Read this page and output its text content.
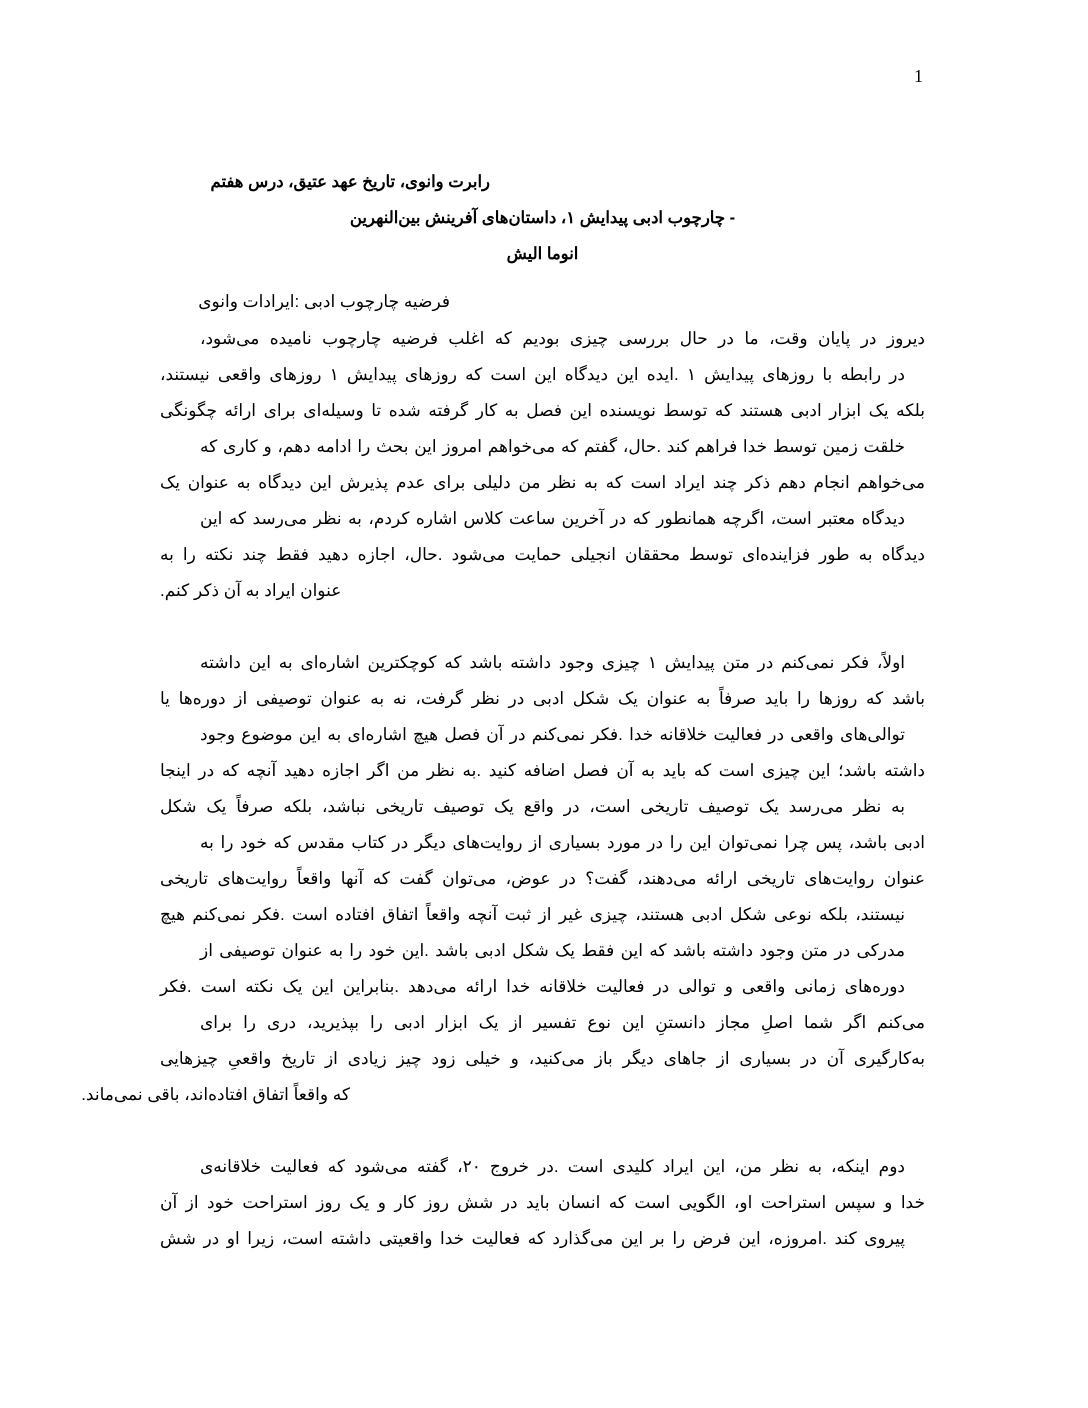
1
رابرت وانوی، تاریخ عهد عتیق، درس هفتم
- چارچوب ادبی پیدایش ۱، داستان‌های آفرینش بین‌النهرین
انوما الیش
فرضیه چارچوب ادبی :ایرادات وانوی
دیروز در پایان وقت، ما در حال بررسی چیزی بودیم که اغلب فرضیه چارچوب نامیده می‌شود،
در رابطه با روزهای پیدایش ۱ .ایده این دیدگاه این است که روزهای پیدایش ۱ روزهای واقعی نیستند،
بلکه یک ابزار ادبی هستند که توسط نویسنده این فصل به کار گرفته شده تا وسیله‌ای برای ارائه چگونگی
خلقت زمین توسط خدا فراهم کند .حال، گفتم که می‌خواهم امروز این بحث را ادامه دهم، و کاری که
می‌خواهم انجام دهم ذکر چند ایراد است که به نظر من دلیلی برای عدم پذیرش این دیدگاه به عنوان یک
دیدگاه معتبر است، اگرچه همانطور که در آخرین ساعت کلاس اشاره کردم، به نظر می‌رسد که این
دیدگاه به طور فزاینده‌ای توسط محققان انجیلی حمایت می‌شود .حال، اجازه دهید فقط چند نکته را به
عنوان ایراد به آن ذکر کنم.
اولاً، فکر نمی‌کنم در متن پیدایش ۱ چیزی وجود داشته باشد که کوچکترین اشاره‌ای به این داشته
باشد که روزها را باید صرفاً به عنوان یک شکل ادبی در نظر گرفت، نه به عنوان توصیفی از دوره‌ها یا
توالی‌های واقعی در فعالیت خلاقانه خدا .فکر نمی‌کنم در آن فصل هیچ اشاره‌ای به این موضوع وجود
داشته باشد؛ این چیزی است که باید به آن فصل اضافه کنید .به نظر من اگر اجازه دهید آنچه که در اینجا
به نظر می‌رسد یک توصیف تاریخی است، در واقع یک توصیف تاریخی نباشد، بلکه صرفاً یک شکل
ادبی باشد، پس چرا نمی‌توان این را در مورد بسیاری از روایت‌های دیگر در کتاب مقدس که خود را به
عنوان روایت‌های تاریخی ارائه می‌دهند، گفت؟ در عوض، می‌توان گفت که آنها واقعاً روایت‌های تاریخی
نیستند، بلکه نوعی شکل ادبی هستند، چیزی غیر از ثبت آنچه واقعاً اتفاق افتاده است .فکر نمی‌کنم هیچ
مدرکی در متن وجود داشته باشد که این فقط یک شکل ادبی باشد .این خود را به عنوان توصیفی از
دوره‌های زمانی واقعی و توالی در فعالیت خلاقانه خدا ارائه می‌دهد .بنابراین این یک نکته است .فکر
می‌کنم اگر شما اصلِ مجاز دانستنِ این نوع تفسیر از یک ابزار ادبی را بپذیرید، دری را برای
به‌کارگیری آن در بسیاری از جاهای دیگر باز می‌کنید، و خیلی زود چیز زیادی از تاریخ واقعیِ چیزهایی
که واقعاً اتفاق افتاده‌اند، باقی نمی‌ماند.
دوم اینکه، به نظر من، این ایراد کلیدی است .در خروج ۲۰، گفته می‌شود که فعالیت خلاقانه‌ی
خدا و سپس استراحت او، الگویی است که انسان باید در شش روز کار و یک روز استراحت خود از آن
پیروی کند .امروزه، این فرض را بر این می‌گذارد که فعالیت خدا واقعیتی داشته است، زیرا او در شش
